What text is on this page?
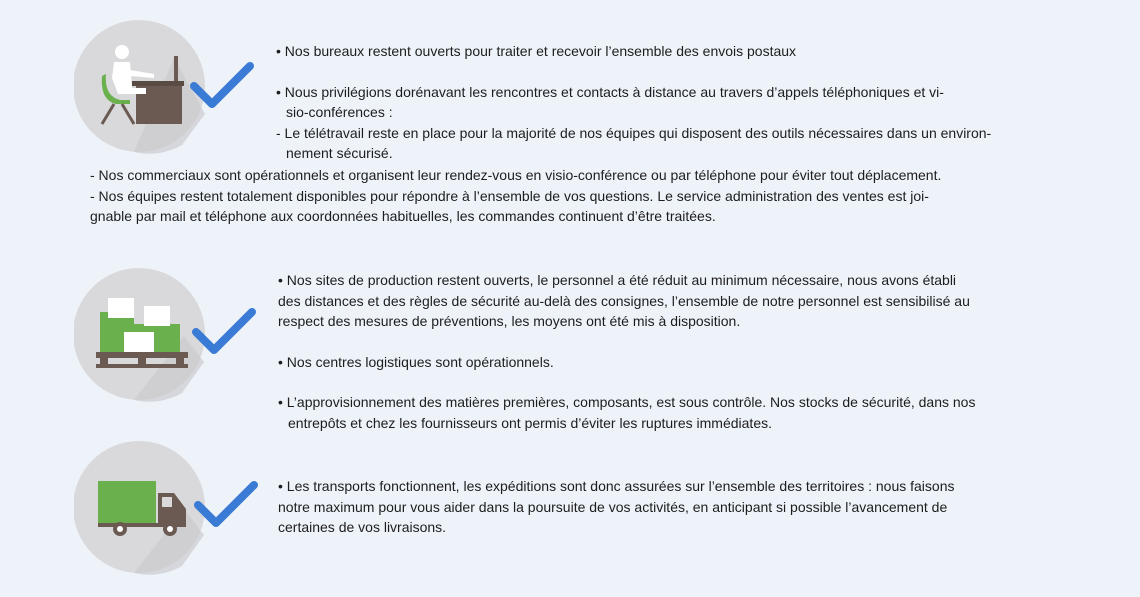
• Nos bureaux restent ouverts pour traiter et recevoir l’ensemble des envois postaux

• Nous privilégions dorénavant les rencontres et contacts à distance au travers d’appels téléphoniques et vi-

sio-conférences :

- Le télétravail reste en place pour la majorité de nos équipes qui disposent des outils nécessaires dans un environ-

nement sécurisé.

- Nos commerciaux sont opérationnels et organisent leur rendez-vous en visio-conférence ou par téléphone pour éviter tout déplacement.

- Nos équipes restent totalement disponibles pour répondre à l’ensemble de vos questions. Le service administration des ventes est joi-

gnable par mail et téléphone aux coordonnées habituelles, les commandes continuent d’être traitées.

• Nos sites de production restent ouverts, le personnel a été réduit au minimum nécessaire, nous avons établi

des distances et des règles de sécurité au-delà des consignes, l’ensemble de notre personnel est sensibilisé au

respect des mesures de préventions, les moyens ont été mis à disposition.

• Nos centres logistiques sont opérationnels.

• L’approvisionnement des matières premières, composants, est sous contrôle. Nos stocks de sécurité, dans nos

entrepôts et chez les fournisseurs ont permis d’éviter les ruptures immédiates.

• Les transports fonctionnent, les expéditions sont donc assurées sur l’ensemble des territoires : nous faisons

notre maximum pour vous aider dans la poursuite de vos activités, en anticipant si possible l’avancement de

certaines de vos livraisons.
